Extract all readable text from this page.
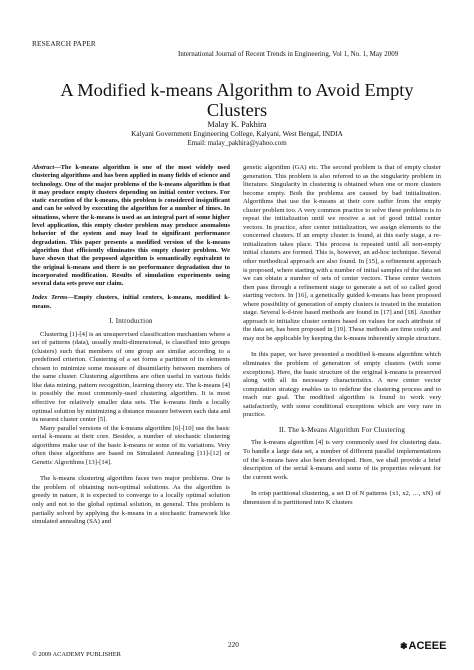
RESEARCH PAPER
International Journal of Recent Trends in Engineering, Vol 1, No. 1, May 2009
A Modified k-means Algorithm to Avoid Empty Clusters
Malay K. Pakhira
Kalyani Government Engineering College, Kalyani, West Bengal, INDIA
Email: malay_pakhira@yahoo.com

Abstract—The k-means algorithm is one of the most widely used clustering algorithms and has been applied in many fields of science and technology. One of the major problems of the k-means algorithm is that it may produce empty clusters depending on initial center vectors. For static execution of the k-means, this problem is considered insignificant and can be solved by executing the algorithm for a number of times. In situations, where the k-means is used as an integral part of some higher level application, this empty cluster problem may produce anomalous behavior of the system and may lead to significant performance degradation. This paper presents a modified version of the k-means algorithm that efficiently eliminates this empty cluster problem. We have shown that the proposed algorithm is semantically equivalent to the original k-means and there is no performance degradation due to incorporated modification. Results of simulation experiments using several data sets prove our claim.

Index Terms—Empty clusters, initial centers, k-means, modified k-means.

I. Introduction

Clustering [1]-[4] is an unsupervised classification mechanism where a set of patterns (data), usually multi-dimensional, is classified into groups (clusters) such that members of one group are similar according to a predefined criterion. Clustering of a set forms a partition of its elements chosen to minimize some measure of dissimilarity between members of the same cluster. Clustering algorithms are often useful in various fields like data mining, pattern recognition, learning theory etc. The k-means [4] is possibly the most commonly-used clustering algorithm. It is most effective for relatively smaller data sets. The k-means finds a locally optimal solution by minimizing a distance measure between each data and its nearest cluster center [5].

Many parallel versions of the k-means algorithm [6]-[10] use the basic serial k-means at their core. Besides, a number of stochastic clustering algorithms make use of the basic k-means or some of its variations. Very often these algorithms are based on Simulated Annealing [11]-[12] or Genetic Algorithms [13]-[14].

The k-means clustering algorithm faces two major problems. One is the problem of obtaining non-optimal solutions. As the algorithm is greedy in nature, it is expected to converge to a locally optimal solution only and not to the global optimal solution, in general. This problem is partially solved by applying the k-means in a stochastic framework like simulated annealing (SA) and

genetic algorithm (GA) etc. The second problem is that of empty cluster generation. This problem is also referred to as the singularity problem in literature. Singularity in clustering is obtained when one or more clusters become empty. Both the problems are caused by bad initialization. Algorithms that use the k-means at their core suffer from the empty cluster problem too. A very common practice to solve these problems is to repeat the initialization until we receive a set of good initial center vectors. In practice, after center initialization, we assign elements to the concerned clusters. If an empty cluster is found, at this early stage, a re-initialization takes place. This process is repeated until all non-empty initial clusters are formed. This is, however, an ad-hoc technique. Several other methodical approach are also found. In [15], a refinement approach is proposed, where starting with a number of initial samples of the data set we can obtain a number of sets of center vectors. These center vectors then pass through a refinement stage to generate a set of so called good starting vectors. In [16], a genetically guided k-means has been proposed where possibility of generation of empty clusters is treated in the mutation stage. Several k-d-tree based methods are found in [17] and [18]. Another approach to initialize cluster centers based on values for each attribute of the data set, has been proposed in [19]. These methods are time costly and may not be applicable by keeping the k-means inherently simple structure.

In this paper, we have presented a modified k-means algorithm which eliminates the problem of generation of empty clusters (with some exceptions). Here, the basic structure of the original k-means is preserved along with all its necessary characteristics. A new center vector computation strategy enables us to redefine the clustering process and to reach our goal. The modified algorithm is found to work very satisfactorily, with some conditional exceptions which are very rare in practice.

II. The k-Means Algorithm For Clustering

The k-means algorithm [4] is very commonly used for clustering data. To handle a large data set, a number of different parallel implementations of the k-means have also been developed. Here, we shall provide a brief description of the serial k-means and some of its properties relevant for the current work.

In crisp partitional clustering, a set D of N patterns {x1, x2, …, xN} of dimension d is partitioned into K clusters

220
© 2009 ACADEMY PUBLISHER
❃ACEEE
